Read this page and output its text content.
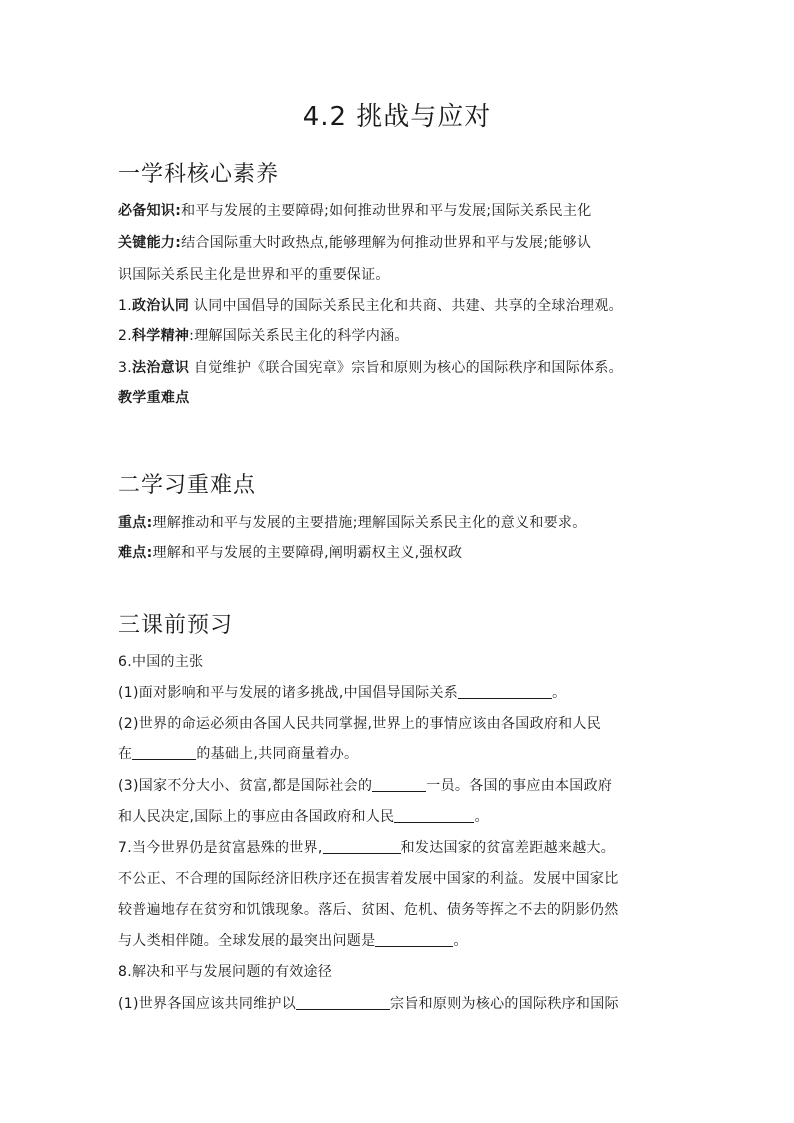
4.2 挑战与应对
一学科核心素养
必备知识:和平与发展的主要障碍;如何推动世界和平与发展;国际关系民主化
关键能力:结合国际重大时政热点,能够理解为何推动世界和平与发展;能够认
识国际关系民主化是世界和平的重要保证。
1.政治认同 认同中国倡导的国际关系民主化和共商、共建、共享的全球治理观。
2.科学精神:理解国际关系民主化的科学内涵。
3.法治意识 自觉维护《联合国宪章》宗旨和原则为核心的国际秩序和国际体系。
教学重难点
二学习重难点
重点:理解推动和平与发展的主要措施;理解国际关系民主化的意义和要求。
难点:理解和平与发展的主要障碍,阐明霸权主义,强权政
三课前预习
6.中国的主张
(1)面对影响和平与发展的诸多挑战,中国倡导国际关系	。
(2)世界的命运必须由各国人民共同掌握,世界上的事情应该由各国政府和人民
在	的基础上,共同商量着办。
(3)国家不分大小、贫富,都是国际社会的	一员。各国的事应由本国政府
和人民决定,国际上的事应由各国政府和人民	。
7.当今世界仍是贫富悬殊的世界,	和发达国家的贫富差距越来越大。
不公正、不合理的国际经济旧秩序还在损害着发展中国家的利益。发展中国家比
较普遍地存在贫穷和饥饿现象。落后、贫困、危机、债务等挥之不去的阴影仍然
与人类相伴随。全球发展的最突出问题是	。
8.解决和平与发展问题的有效途径
(1)世界各国应该共同维护以	宗旨和原则为核心的国际秩序和国际
